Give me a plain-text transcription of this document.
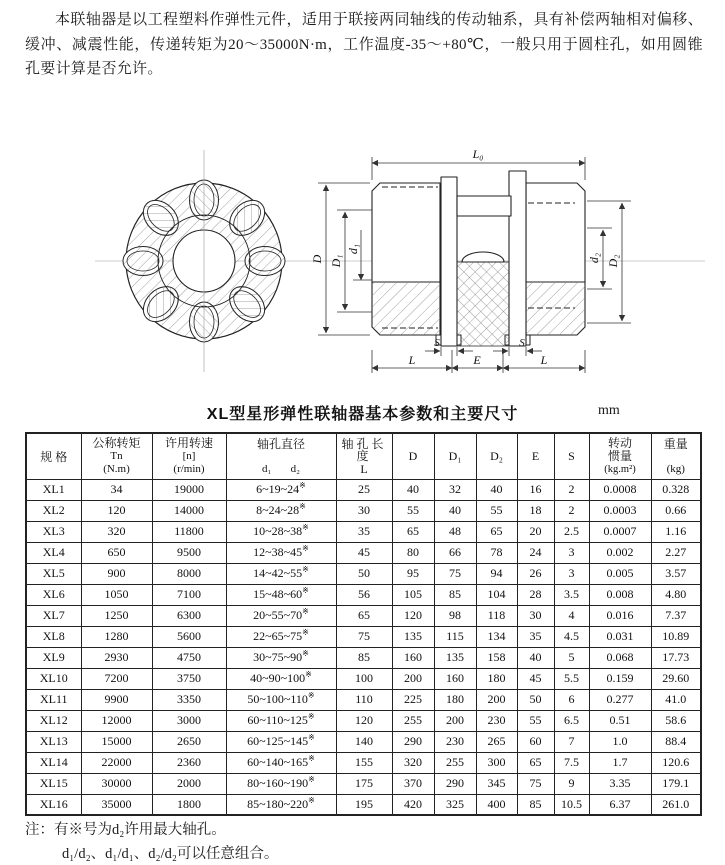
本联轴器是以工程塑料作弹性元件，适用于联接两同轴线的传动轴系，具有补偿两轴相对偏移、缓冲、减震性能，传递转矩为20～35000N·m，工作温度-35～+80℃，一般只用于圆柱孔，如用圆锥孔要计算是否允许。

L₀
D D₁
d₁
d₂ D₂
S	S
L	E	L
XL型星形弹性联轴器基本参数和主要尺寸	mm
规 格

公称转矩
Tn
(N.m)

许用转速
[n]
(r/min)

轴孔直径
d₁ d₂

轴孔长度
L

D	D₁	D₂	E	S

转动
惯量
(kg.m²)

重量
(kg)

XL1	34	19000	6~19~24※	25	40	32	40	16	2	0.0008	0.328
XL2	120	14000	8~24~28※	30	55	40	55	18	2	0.0003	0.66
XL3	320	11800	10~28~38※	35	65	48	65	20	2.5	0.0007	1.16
XL4	650	9500	12~38~45※	45	80	66	78	24	3	0.002	2.27
XL5	900	8000	14~42~55※	50	95	75	94	26	3	0.005	3.57
XL6	1050	7100	15~48~60※	56	105	85	104	28	3.5	0.008	4.80
XL7	1250	6300	20~55~70※	65	120	98	118	30	4	0.016	7.37
XL8	1280	5600	22~65~75※	75	135	115	134	35	4.5	0.031	10.89
XL9	2930	4750	30~75~90※	85	160	135	158	40	5	0.068	17.73
XL10	7200	3750	40~90~100※	100	200	160	180	45	5.5	0.159	29.60
XL11	9900	3350	50~100~110※	110	225	180	200	50	6	0.277	41.0
XL12	12000	3000	60~110~125※	120	255	200	230	55	6.5	0.51	58.6
XL13	15000	2650	60~125~145※	140	290	230	265	60	7	1.0	88.4
XL14	22000	2360	60~140~165※	155	320	255	300	65	7.5	1.7	120.6
XL15	30000	2000	80~160~190※	175	370	290	345	75	9	3.35	179.1
XL16	35000	1800	85~180~220※	195	420	325	400	85	10.5	6.37	261.0
注：有※号为d₂许用最大轴孔。
d₁/d₂、d₁/d₁、d₂/d₂可以任意组合。
